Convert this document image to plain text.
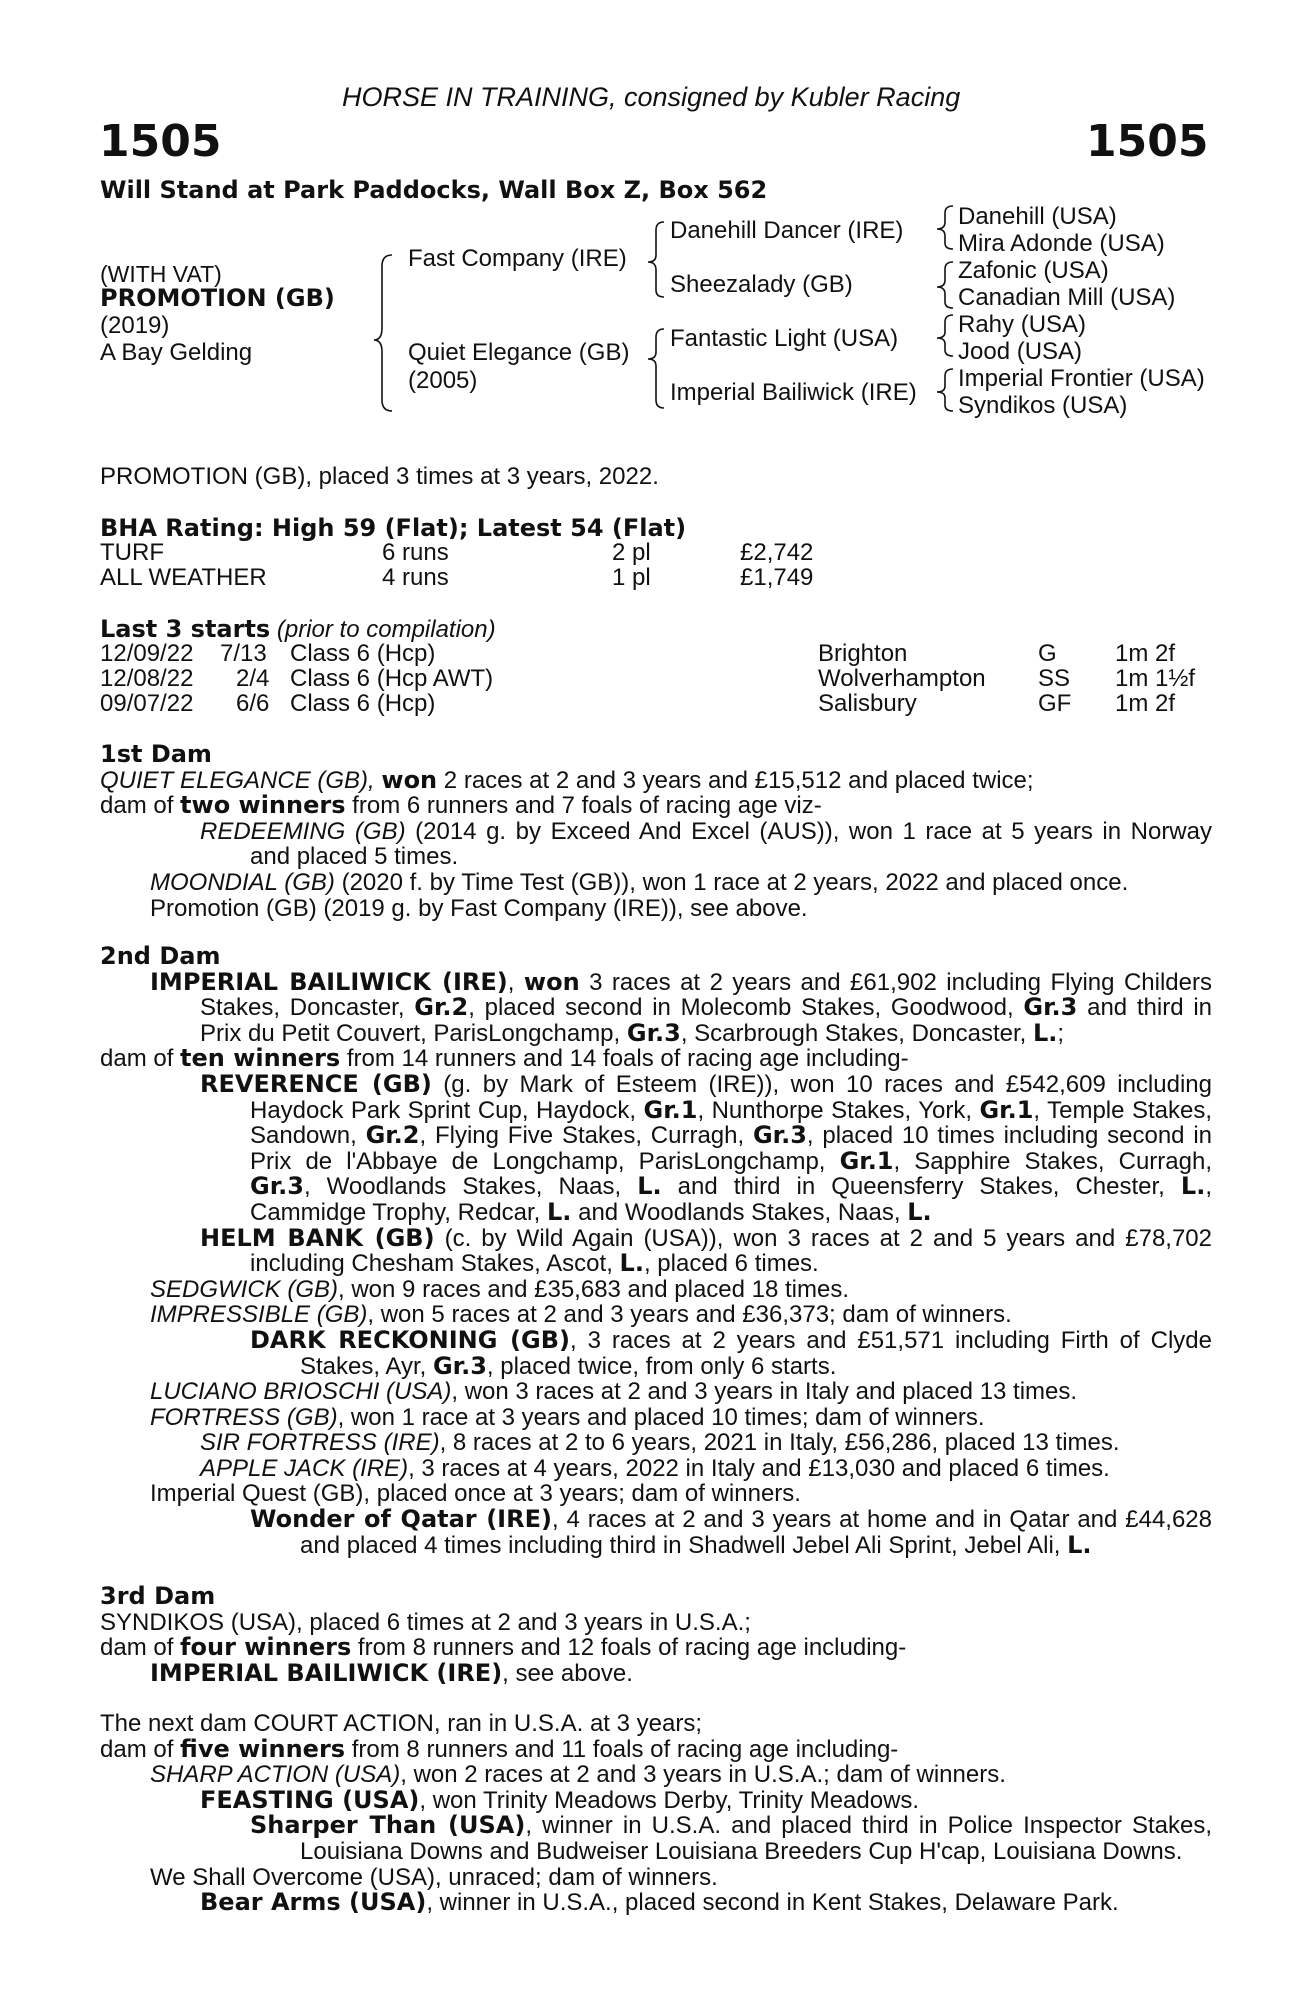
HORSE IN TRAINING, consigned by Kubler Racing
1505	1505
Will Stand at Park Paddocks, Wall Box Z, Box 562
(WITH VAT)
PROMOTION (GB)
(2019)
A Bay Gelding
Fast Company (IRE)
Quiet Elegance (GB)
(2005)
Danehill Dancer (IRE)
Sheezalady (GB)
Fantastic Light (USA)
Imperial Bailiwick (IRE)
Danehill (USA)
Mira Adonde (USA)
Zafonic (USA)
Canadian Mill (USA)
Rahy (USA)
Jood (USA)
Imperial Frontier (USA)
Syndikos (USA)
PROMOTION (GB), placed 3 times at 3 years, 2022.
BHA Rating: High 59 (Flat); Latest 54 (Flat)
TURF	6 runs	2 pl	£2,742
ALL WEATHER	4 runs	1 pl	£1,749
Last 3 starts (prior to compilation)
12/09/22 7/13 Class 6 (Hcp)	Brighton	G 1m 2f
12/08/22 2/4 Class 6 (Hcp AWT)	Wolverhampton SS 1m 1½f
09/07/22 6/6 Class 6 (Hcp)	Salisbury	GF 1m 2f

1st Dam

QUIET ELEGANCE (GB), won 2 races at 2 and 3 years and £15,512 and placed twice;

dam of two winners from 6 runners and 7 foals of racing age viz-

REDEEMING (GB) (2014 g. by Exceed And Excel (AUS)), won 1 race at 5 years in Norway and placed 5 times.

MOONDIAL (GB) (2020 f. by Time Test (GB)), won 1 race at 2 years, 2022 and placed once.

Promotion (GB) (2019 g. by Fast Company (IRE)), see above.

2nd Dam

IMPERIAL BAILIWICK (IRE), won 3 races at 2 years and £61,902 including Flying Childers Stakes, Doncaster, Gr.2, placed second in Molecomb Stakes, Goodwood, Gr.3 and third in Prix du Petit Couvert, ParisLongchamp, Gr.3, Scarbrough Stakes, Doncaster, L.;

dam of ten winners from 14 runners and 14 foals of racing age including-

REVERENCE (GB) (g. by Mark of Esteem (IRE)), won 10 races and £542,609 including Haydock Park Sprint Cup, Haydock, Gr.1, Nunthorpe Stakes, York, Gr.1, Temple Stakes, Sandown, Gr.2, Flying Five Stakes, Curragh, Gr.3, placed 10 times including second in Prix de l'Abbaye de Longchamp, ParisLongchamp, Gr.1, Sapphire Stakes, Curragh, Gr.3, Woodlands Stakes, Naas, L. and third in Queensferry Stakes, Chester, L., Cammidge Trophy, Redcar, L. and Woodlands Stakes, Naas, L.

HELM BANK (GB) (c. by Wild Again (USA)), won 3 races at 2 and 5 years and £78,702 including Chesham Stakes, Ascot, L., placed 6 times.

SEDGWICK (GB), won 9 races and £35,683 and placed 18 times.

IMPRESSIBLE (GB), won 5 races at 2 and 3 years and £36,373; dam of winners.

DARK RECKONING (GB), 3 races at 2 years and £51,571 including Firth of Clyde Stakes, Ayr, Gr.3, placed twice, from only 6 starts.

LUCIANO BRIOSCHI (USA), won 3 races at 2 and 3 years in Italy and placed 13 times.

FORTRESS (GB), won 1 race at 3 years and placed 10 times; dam of winners.

SIR FORTRESS (IRE), 8 races at 2 to 6 years, 2021 in Italy, £56,286, placed 13 times.

APPLE JACK (IRE), 3 races at 4 years, 2022 in Italy and £13,030 and placed 6 times.

Imperial Quest (GB), placed once at 3 years; dam of winners.

Wonder of Qatar (IRE), 4 races at 2 and 3 years at home and in Qatar and £44,628 and placed 4 times including third in Shadwell Jebel Ali Sprint, Jebel Ali, L.

3rd Dam

SYNDIKOS (USA), placed 6 times at 2 and 3 years in U.S.A.;

dam of four winners from 8 runners and 12 foals of racing age including-

IMPERIAL BAILIWICK (IRE), see above.

The next dam COURT ACTION, ran in U.S.A. at 3 years;

dam of five winners from 8 runners and 11 foals of racing age including-

SHARP ACTION (USA), won 2 races at 2 and 3 years in U.S.A.; dam of winners.

FEASTING (USA), won Trinity Meadows Derby, Trinity Meadows.

Sharper Than (USA), winner in U.S.A. and placed third in Police Inspector Stakes, Louisiana Downs and Budweiser Louisiana Breeders Cup H'cap, Louisiana Downs.

We Shall Overcome (USA), unraced; dam of winners.

Bear Arms (USA), winner in U.S.A., placed second in Kent Stakes, Delaware Park.
